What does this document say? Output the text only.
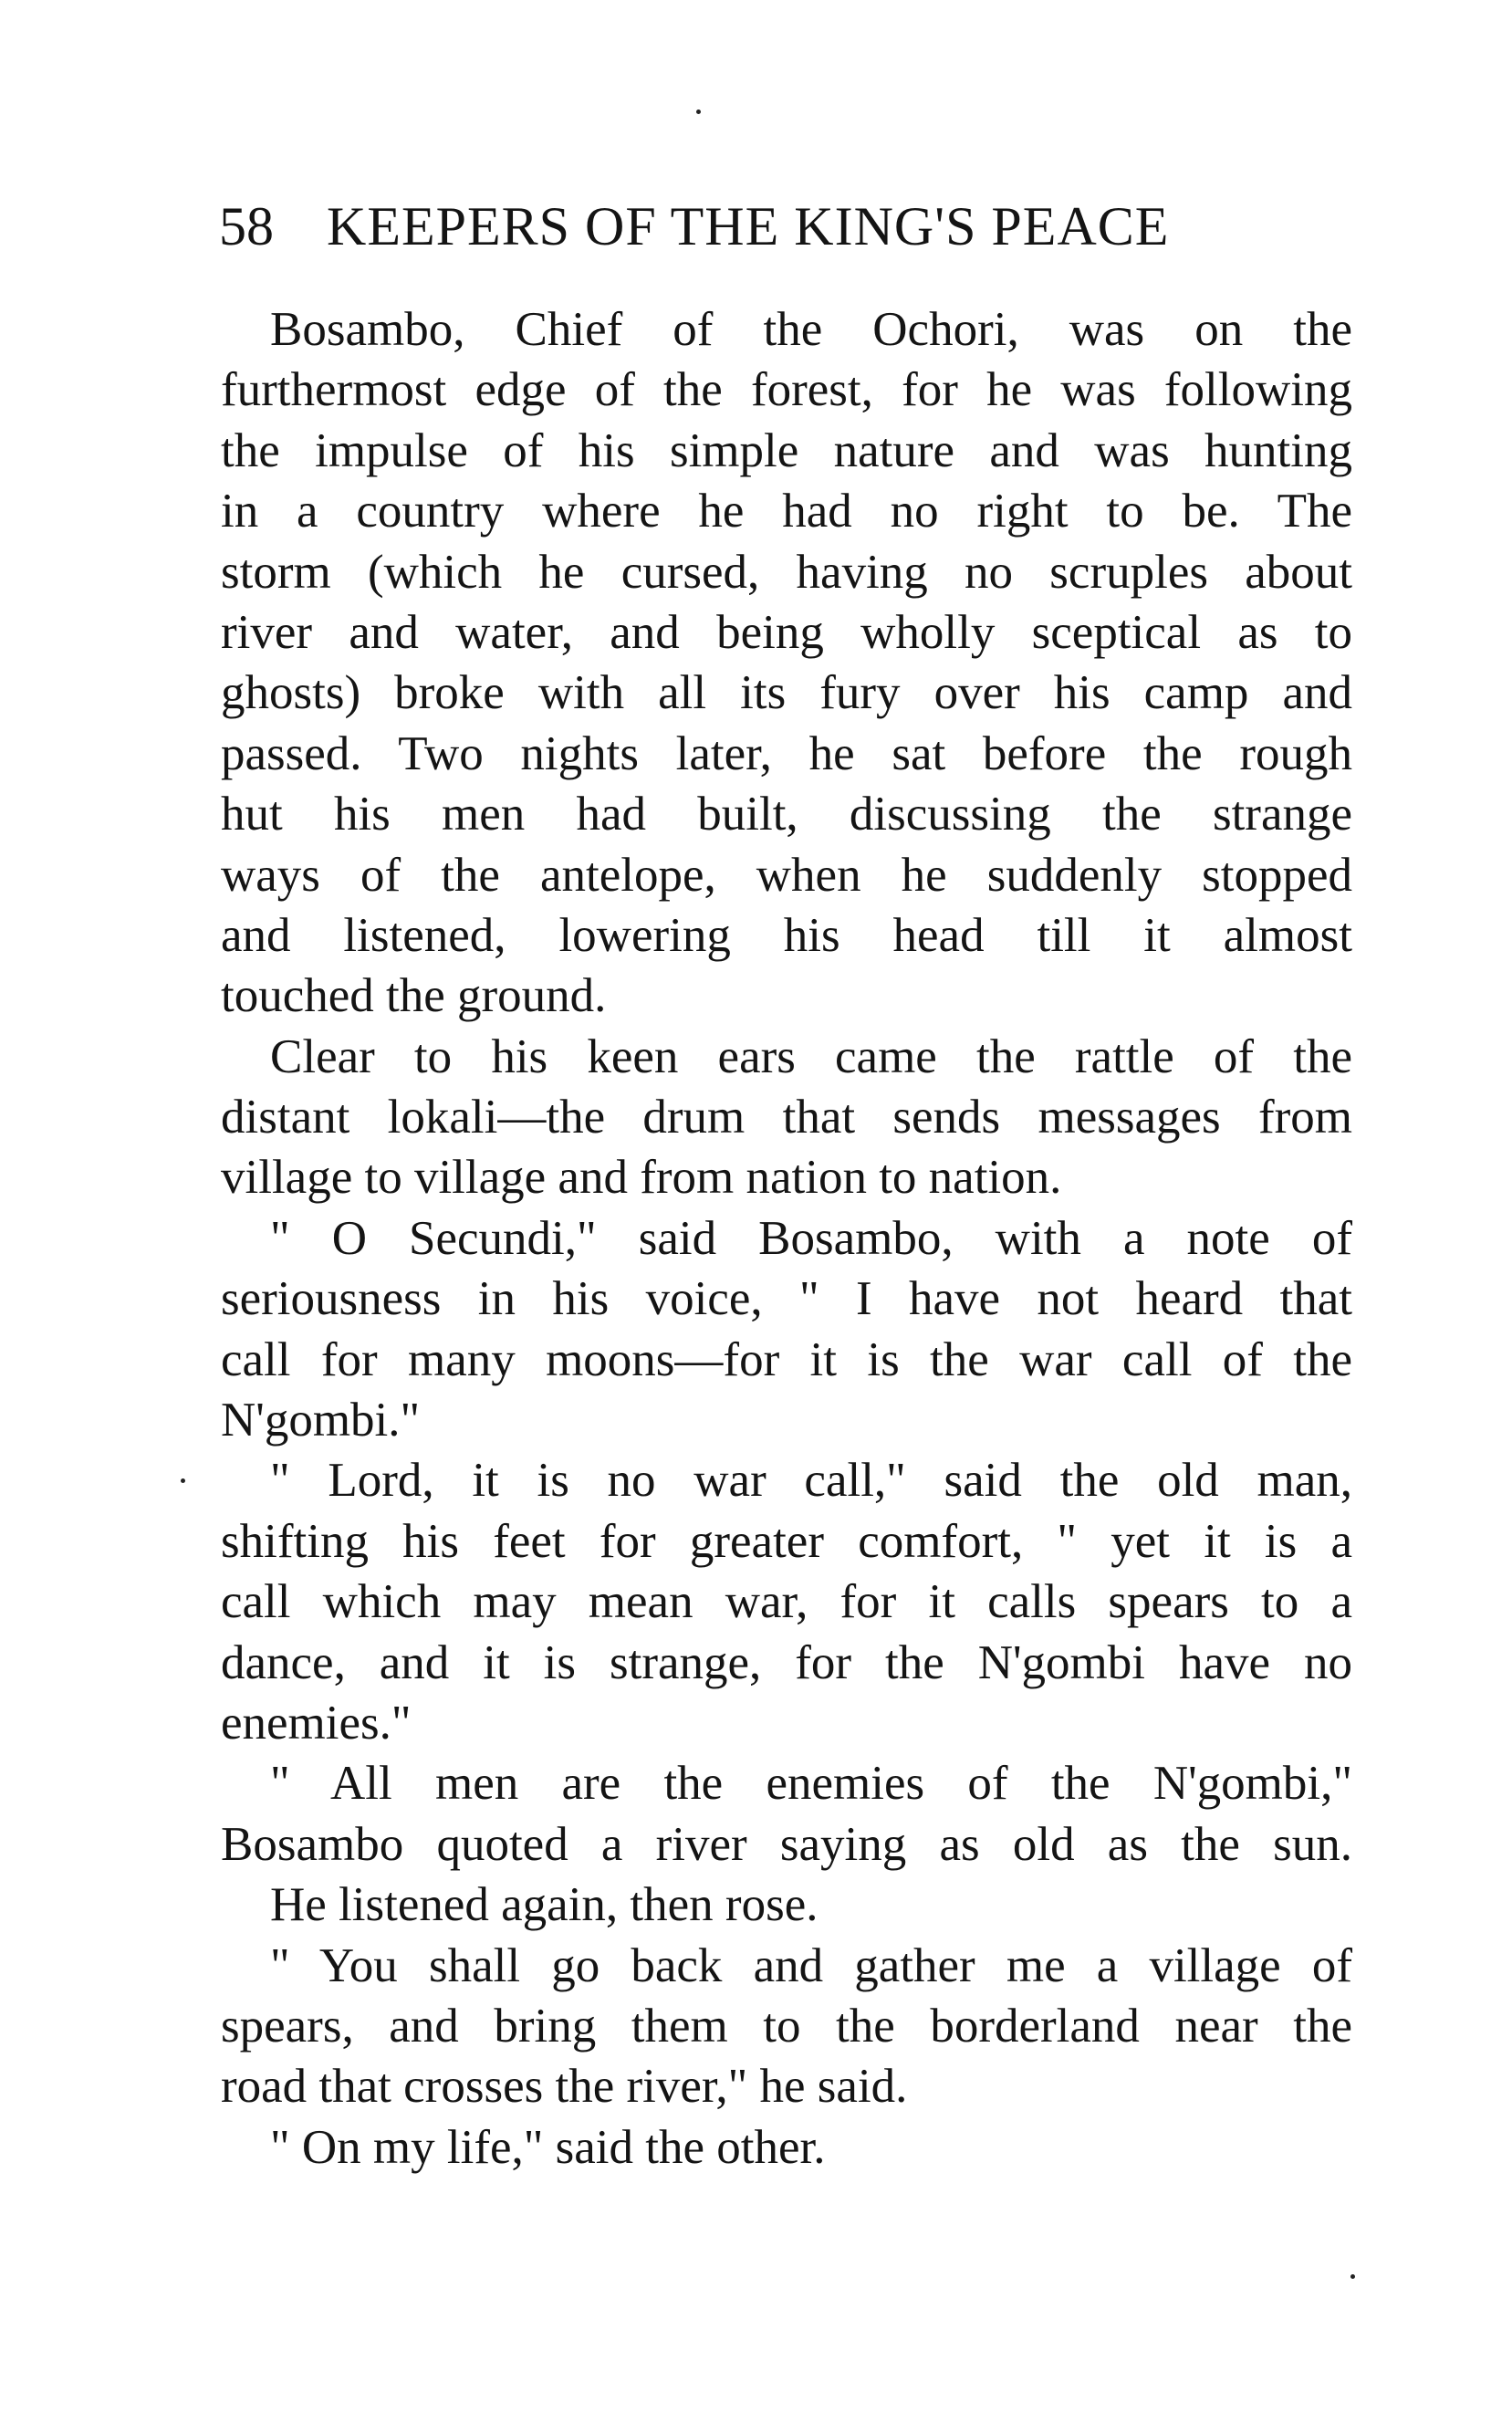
58 KEEPERS OF THE KING'S PEACE
Bosambo, Chief of the Ochori, was on the
furthermost edge of the forest, for he was following
the impulse of his simple nature and was hunting
in a country where he had no right to be. The
storm (which he cursed, having no scruples about
river and water, and being wholly sceptical as to
ghosts) broke with all its fury over his camp and
passed. Two nights later, he sat before the rough
hut his men had built, discussing the strange
ways of the antelope, when he suddenly stopped
and listened, lowering his head till it almost
touched the ground.
Clear to his keen ears came the rattle of the
distant lokali—the drum that sends messages from
village to village and from nation to nation.
" O Secundi," said Bosambo, with a note of
seriousness in his voice, " I have not heard that
call for many moons—for it is the war call of the
N'gombi."
" Lord, it is no war call," said the old man,
shifting his feet for greater comfort, " yet it is a
call which may mean war, for it calls spears to a
dance, and it is strange, for the N'gombi have no
enemies."
" All men are the enemies of the N'gombi,"
Bosambo quoted a river saying as old as the sun.
He listened again, then rose.
" You shall go back and gather me a village of
spears, and bring them to the borderland near the
road that crosses the river," he said.
" On my life," said the other.
